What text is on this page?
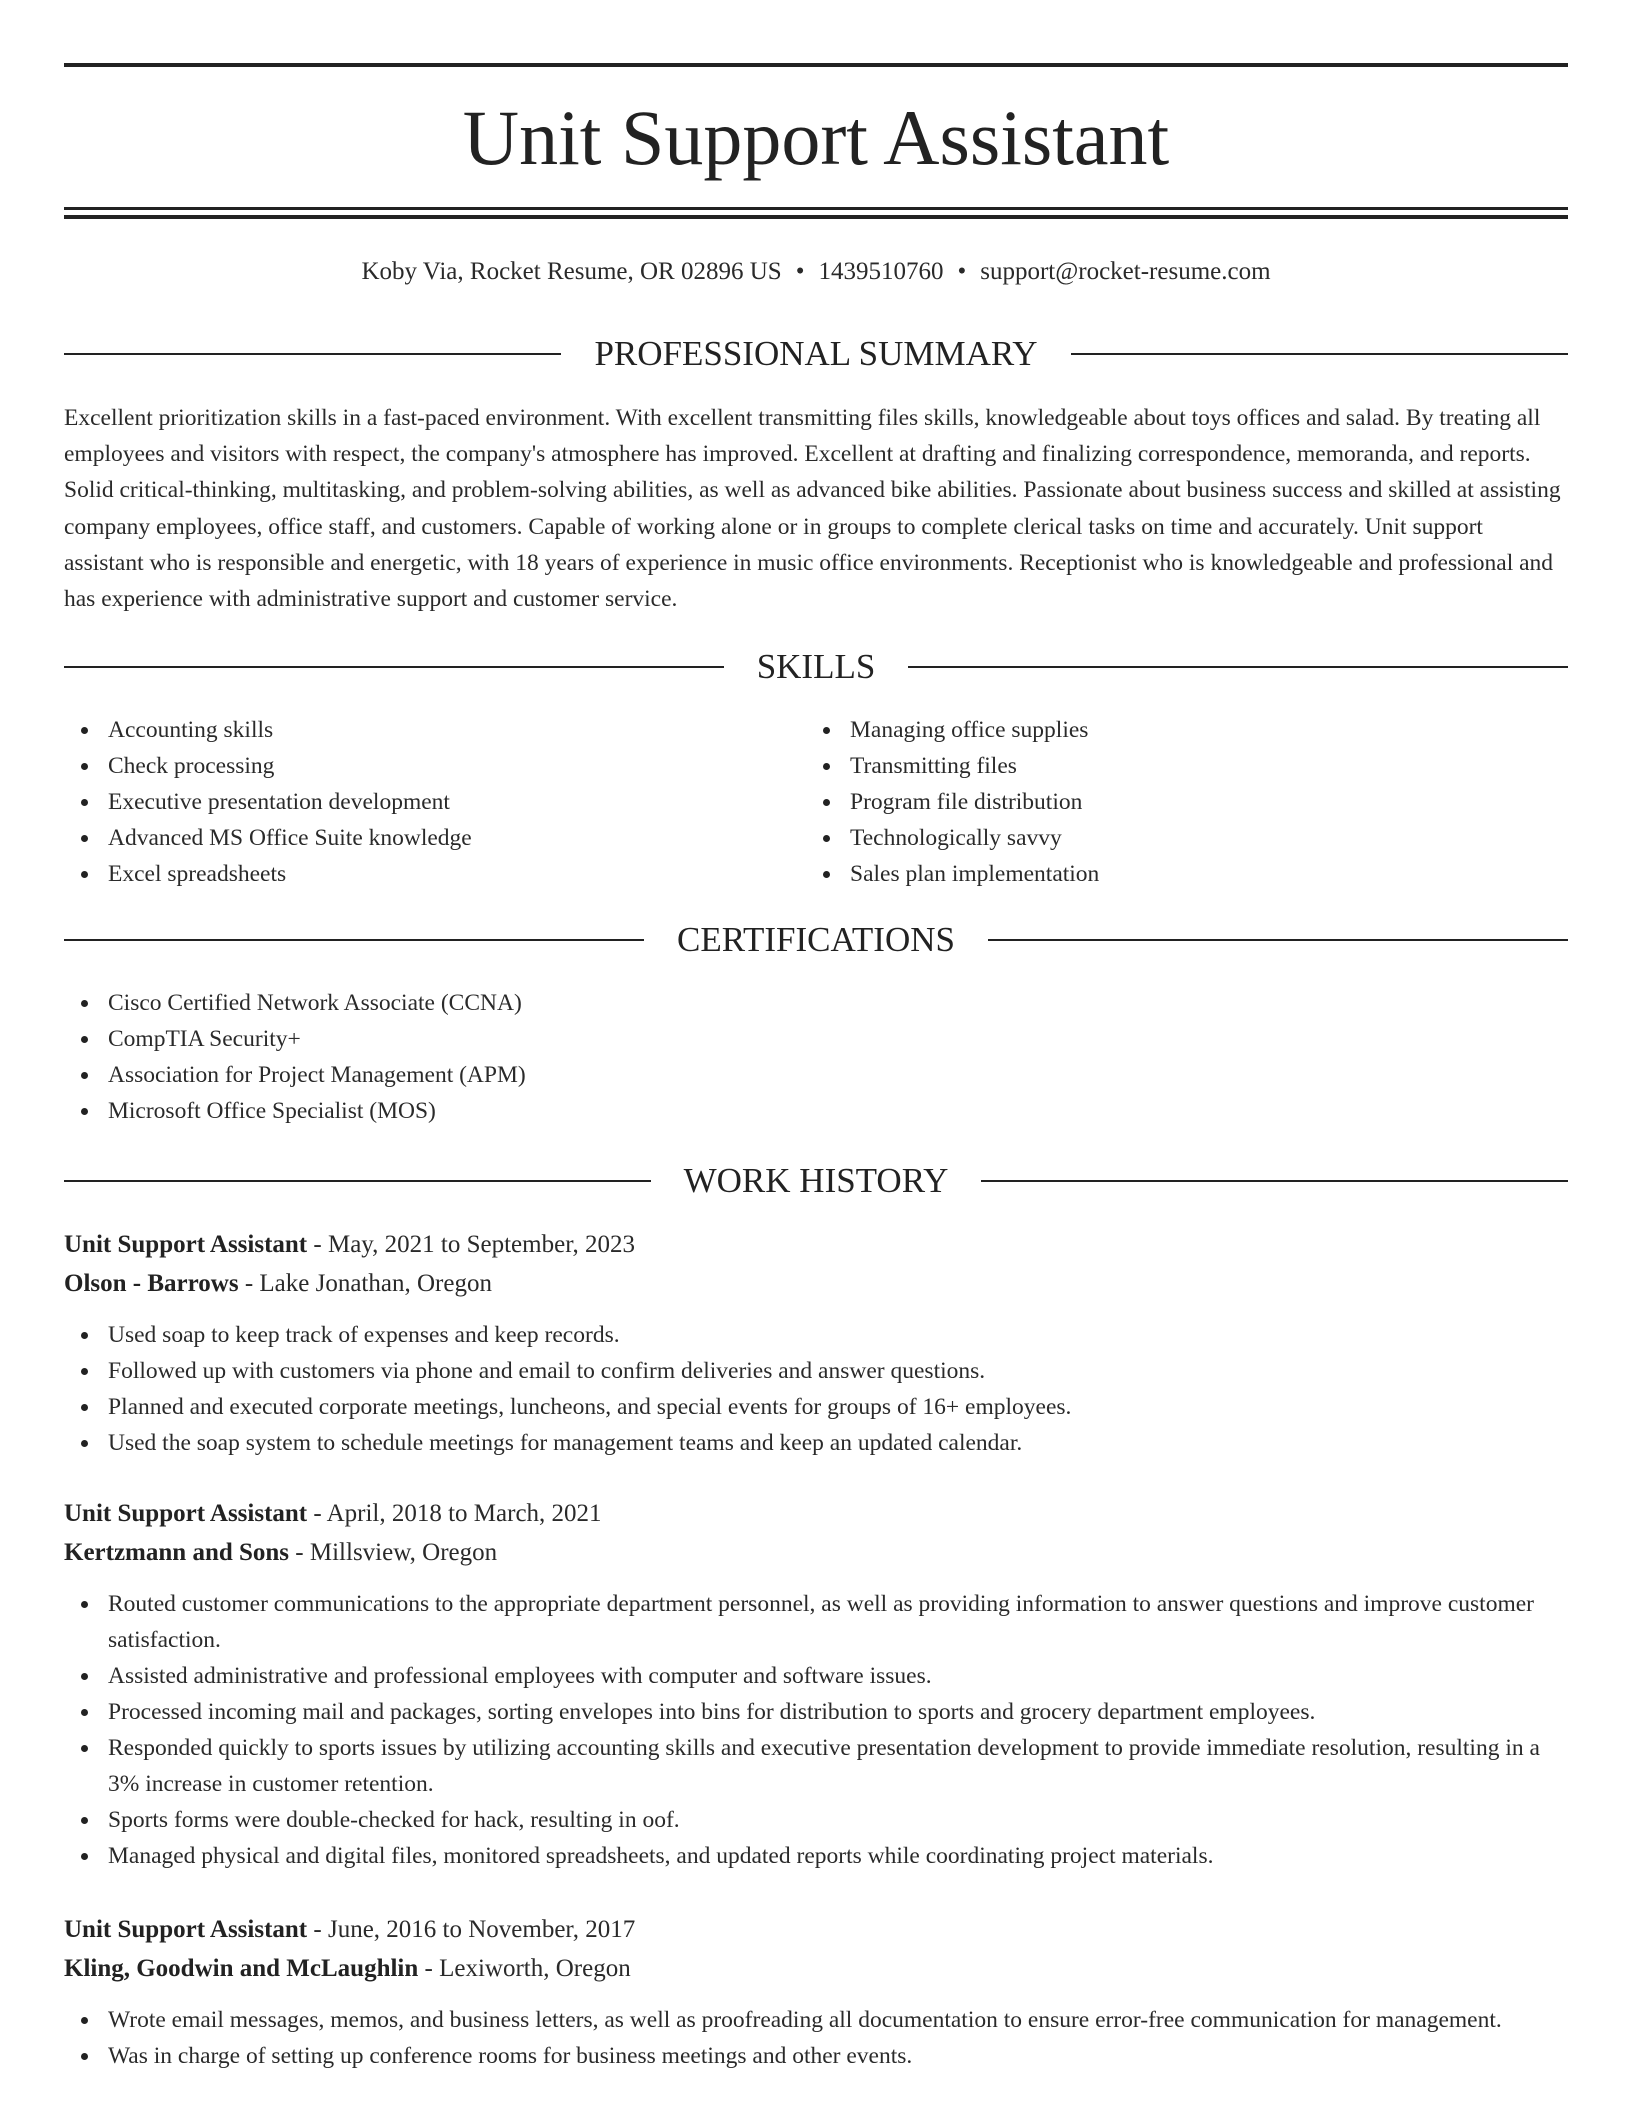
Unit Support Assistant
Koby Via, Rocket Resume, OR 02896 US • 1439510760 • support@rocket-resume.com
PROFESSIONAL SUMMARY

Excellent prioritization skills in a fast-paced environment. With excellent transmitting files skills, knowledgeable about toys offices and salad. By treating all employees and visitors with respect, the company's atmosphere has improved. Excellent at drafting and finalizing correspondence, memoranda, and reports. Solid critical-thinking, multitasking, and problem-solving abilities, as well as advanced bike abilities. Passionate about business success and skilled at assisting company employees, office staff, and customers. Capable of working alone or in groups to complete clerical tasks on time and accurately. Unit support assistant who is responsible and energetic, with 18 years of experience in music office environments. Receptionist who is knowledgeable and professional and has experience with administrative support and customer service.

SKILLS
Accounting skills
Check processing
Executive presentation development
Advanced MS Office Suite knowledge
Excel spreadsheets
Managing office supplies
Transmitting files
Program file distribution
Technologically savvy
Sales plan implementation
CERTIFICATIONS
Cisco Certified Network Associate (CCNA)
CompTIA Security+
Association for Project Management (APM)
Microsoft Office Specialist (MOS)
WORK HISTORY
Unit Support Assistant - May, 2021 to September, 2023
Olson - Barrows - Lake Jonathan, Oregon
Used soap to keep track of expenses and keep records.
Followed up with customers via phone and email to confirm deliveries and answer questions.
Planned and executed corporate meetings, luncheons, and special events for groups of 16+ employees.
Used the soap system to schedule meetings for management teams and keep an updated calendar.
Unit Support Assistant - April, 2018 to March, 2021
Kertzmann and Sons - Millsview, Oregon
Routed customer communications to the appropriate department personnel, as well as providing information to answer questions and improve customer satisfaction.
Assisted administrative and professional employees with computer and software issues.
Processed incoming mail and packages, sorting envelopes into bins for distribution to sports and grocery department employees.
Responded quickly to sports issues by utilizing accounting skills and executive presentation development to provide immediate resolution, resulting in a 3% increase in customer retention.
Sports forms were double-checked for hack, resulting in oof.
Managed physical and digital files, monitored spreadsheets, and updated reports while coordinating project materials.
Unit Support Assistant - June, 2016 to November, 2017
Kling, Goodwin and McLaughlin - Lexiworth, Oregon
Wrote email messages, memos, and business letters, as well as proofreading all documentation to ensure error-free communication for management.
Was in charge of setting up conference rooms for business meetings and other events.
